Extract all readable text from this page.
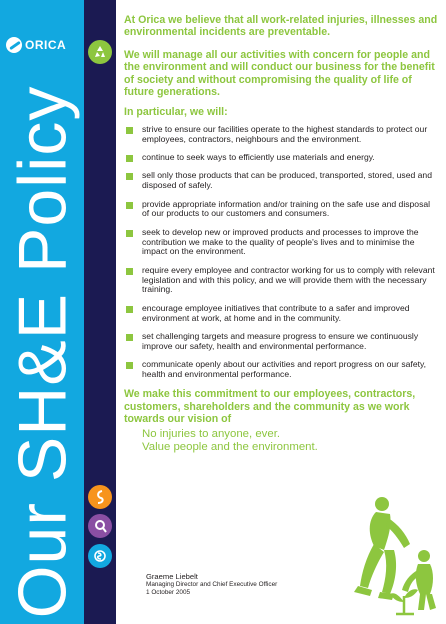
ORICA
Our SH&E Policy

At Orica we believe that all work-related injuries, illnesses and environmental incidents are preventable.

We will manage all our activities with concern for people and the environment and will conduct our business for the benefit of society and without compromising the quality of life of future generations.

In particular, we will:

strive to ensure our facilities operate to the highest standards to protect our employees, contractors, neighbours and the environment.
continue to seek ways to efficiently use materials and energy.
sell only those products that can be produced, transported, stored, used and disposed of safely.
provide appropriate information and/or training on the safe use and disposal of our products to our customers and consumers.
seek to develop new or improved products and processes to improve the contribution we make to the quality of people's lives and to minimise the impact on the environment.
require every employee and contractor working for us to comply with relevant legislation and with this policy, and we will provide them with the necessary training.
encourage employee initiatives that contribute to a safer and improved environment at work, at home and in the community.
set challenging targets and measure progress to ensure we continuously improve our safety, health and environmental performance.
communicate openly about our activities and report progress on our safety, health and environmental performance.

We make this commitment to our employees, contractors, customers, shareholders and the community as we work towards our vision of

No injuries to anyone, ever.
Value people and the environment.

Graeme Liebelt
Managing Director and Chief Executive Officer
1 October 2005
